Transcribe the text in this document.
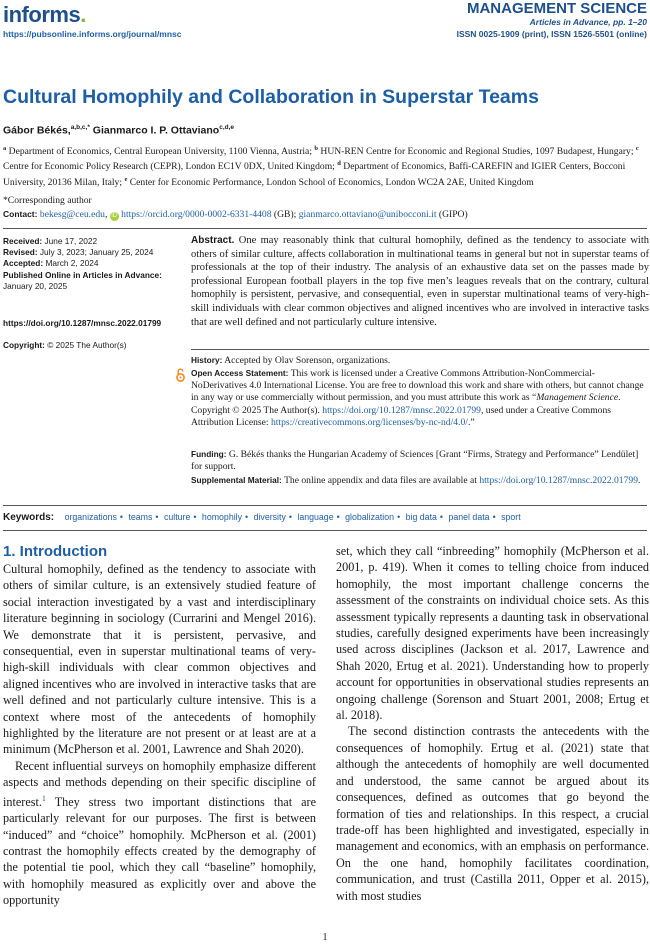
informs.
https://pubsonline.informs.org/journal/mnsc
MANAGEMENT SCIENCE
Articles in Advance, pp. 1–20
ISSN 0025-1909 (print), ISSN 1526-5501 (online)
Cultural Homophily and Collaboration in Superstar Teams
Gábor Békés,$^{a,b,c,*}$ Gianmarco I. P. Ottaviano$^{c,d,e}$
$^a$ Department of Economics, Central European University, 1100 Vienna, Austria; $^b$ HUN-REN Centre for Economic and Regional Studies, 1097 Budapest, Hungary; $^c$ Centre for Economic Policy Research (CEPR), London EC1V 0DX, United Kingdom; $^d$ Department of Economics, Baffi-CAREFIN and IGIER Centers, Bocconi University, 20136 Milan, Italy; $^e$ Center for Economic Performance, London School of Economics, London WC2A 2AE, United Kingdom
*Corresponding author
Contact: bekesg@ceu.edu, iD https://orcid.org/0000-0002-6331-4408 (GB); gianmarco.ottaviano@unibocconi.it (GIPO)
Received: June 17, 2022
Revised: July 3, 2023; January 25, 2024
Accepted: March 2, 2024
Published Online in Articles in Advance:
January 20, 2025
https://doi.org/10.1287/mnsc.2022.01799
Copyright: © 2025 The Author(s)
Abstract. One may reasonably think that cultural homophily, defined as the tendency to associate with others of similar culture, affects collaboration in multinational teams in general but not in superstar teams of professionals at the top of their industry. The analysis of an exhaustive data set on the passes made by professional European football players in the top five men’s leagues reveals that on the contrary, cultural homophily is persistent, pervasive, and consequential, even in superstar multinational teams of very-high-skill individuals with clear common objectives and aligned incentives who are involved in interactive tasks that are well defined and not particularly culture intensive.
History: Accepted by Olav Sorenson, organizations.
Open Access Statement: This work is licensed under a Creative Commons Attribution-NonCommercial-NoDerivatives 4.0 International License. You are free to download this work and share with others, but cannot change in any way or use commercially without permission, and you must attribute this work as “Management Science. Copyright © 2025 The Author(s). https://doi.org/10.1287/mnsc.2022.01799, used under a Creative Commons Attribution License: https://creativecommons.org/licenses/by-nc-nd/4.0/.”
Funding: G. Békés thanks the Hungarian Academy of Sciences [Grant “Firms, Strategy and Performance” Lendület] for support.
Supplemental Material: The online appendix and data files are available at https://doi.org/10.1287/mnsc.2022.01799.
Keywords: organizations • teams • culture • homophily • diversity • language • globalization • big data • panel data • sport
1. Introduction

Cultural homophily, defined as the tendency to associate with others of similar culture, is an extensively studied feature of social interaction investigated by a vast and interdisciplinary literature beginning in sociology (Currarini and Mengel 2016). We demonstrate that it is persistent, pervasive, and consequential, even in superstar multinational teams of very-high-skill individuals with clear common objectives and aligned incentives who are involved in interactive tasks that are well defined and not particularly culture intensive. This is a context where most of the antecedents of homophily highlighted by the literature are not present or at least are at a minimum (McPherson et al. 2001, Lawrence and Shah 2020).

Recent influential surveys on homophily emphasize different aspects and methods depending on their specific discipline of interest.$^1$ They stress two important distinctions that are particularly relevant for our purposes. The first is between “induced” and “choice” homophily. McPherson et al. (2001) contrast the homophily effects created by the demography of the potential tie pool, which they call “baseline” homophily, with homophily measured as explicitly over and above the opportunity

set, which they call “inbreeding” homophily (McPherson et al. 2001, p. 419). When it comes to telling choice from induced homophily, the most important challenge concerns the assessment of the constraints on individual choice sets. As this assessment typically represents a daunting task in observational studies, carefully designed experiments have been increasingly used across disciplines (Jackson et al. 2017, Lawrence and Shah 2020, Ertug et al. 2021). Understanding how to properly account for opportunities in observational studies represents an ongoing challenge (Sorenson and Stuart 2001, 2008; Ertug et al. 2018).

The second distinction contrasts the antecedents with the consequences of homophily. Ertug et al. (2021) state that although the antecedents of homophily are well documented and understood, the same cannot be argued about its consequences, defined as outcomes that go beyond the formation of ties and relationships. In this respect, a crucial trade-off has been highlighted and investigated, especially in management and economics, with an emphasis on performance. On the one hand, homophily facilitates coordination, communication, and trust (Castilla 2011, Opper et al. 2015), with most studies

1
